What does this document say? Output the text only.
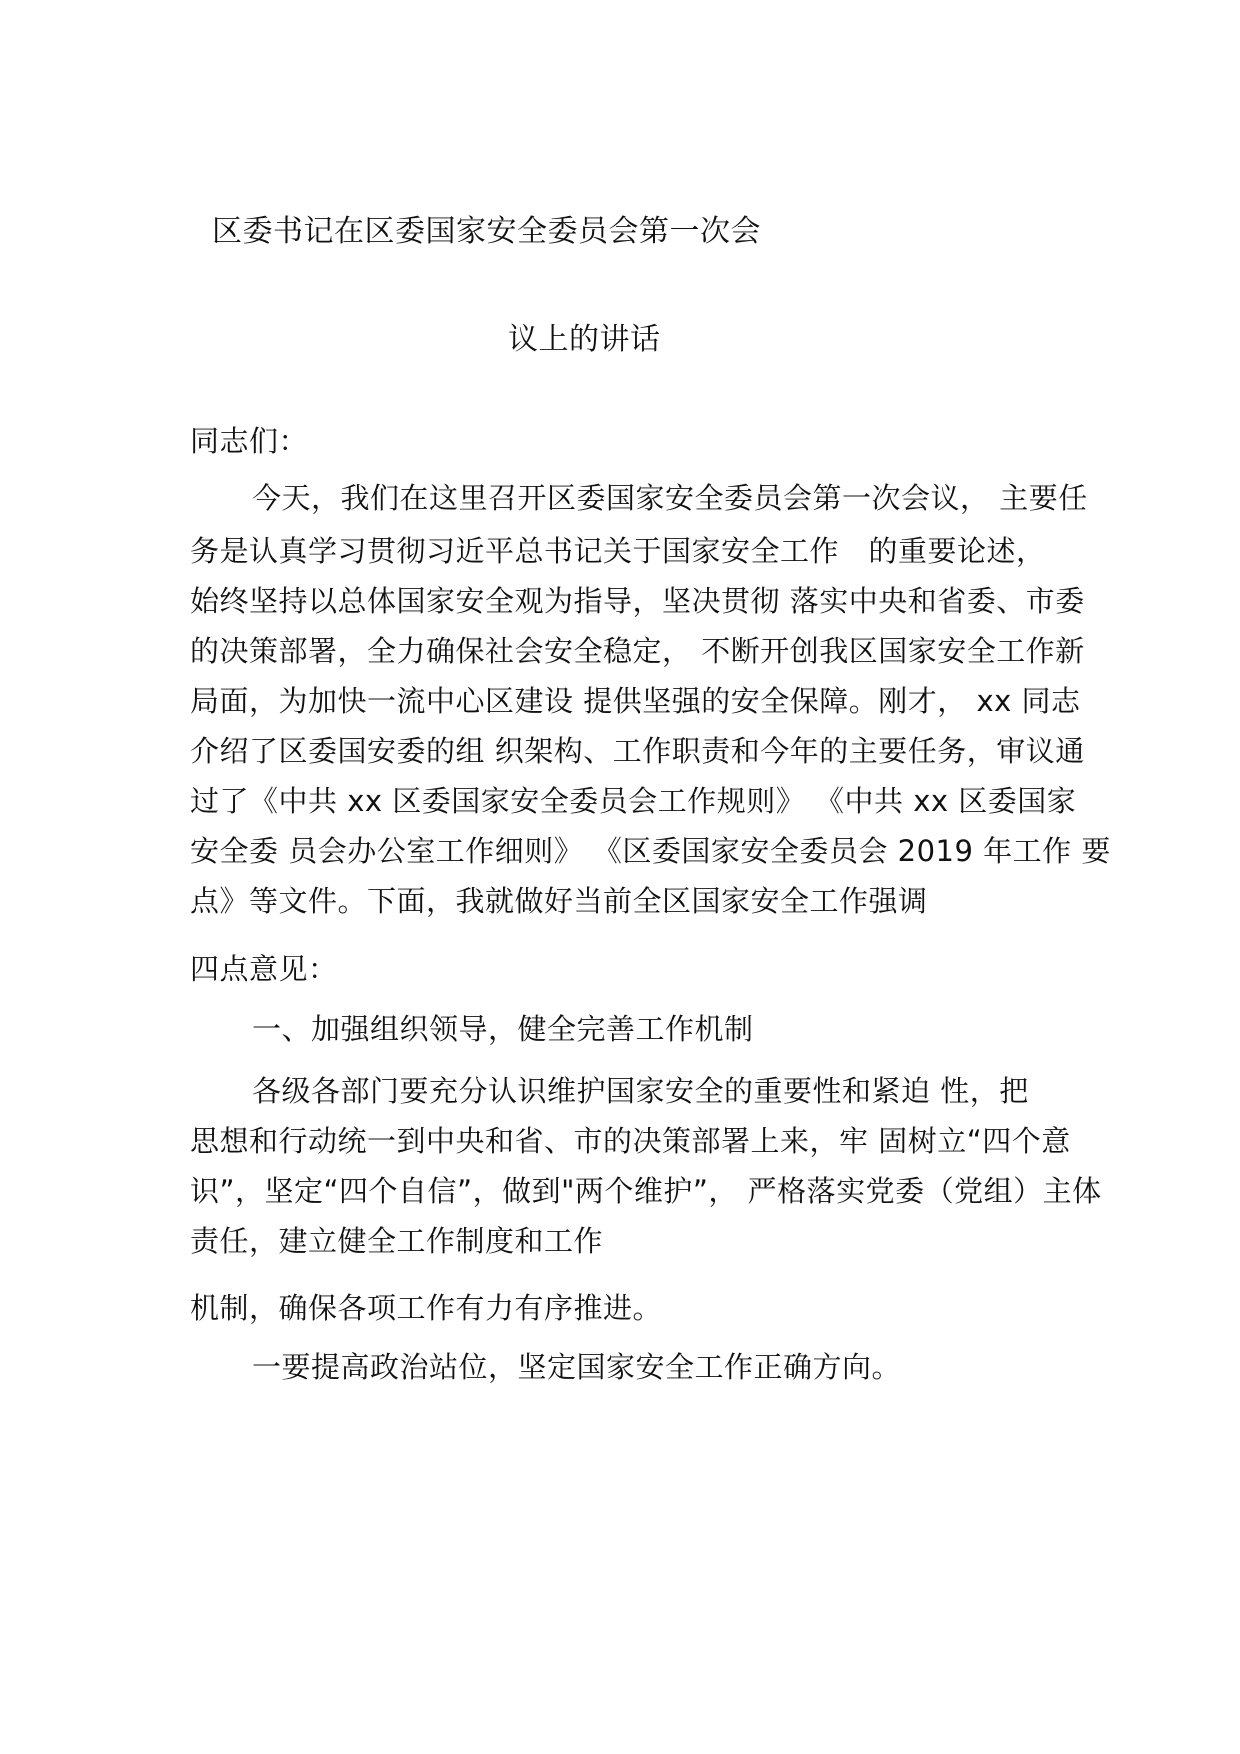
区委书记在区委国家安全委员会第一次会
议上的讲话
同志们：
今天，我们在这里召开区委国家安全委员会第一次会议， 主要任
务是认真学习贯彻习近平总书记关于国家安全工作　的重要论述，
始终坚持以总体国家安全观为指导，坚决贯彻 落实中央和省委、市委
的决策部署，全力确保社会安全稳定， 不断开创我区国家安全工作新
局面，为加快一流中心区建设 提供坚强的安全保障。刚才， xx 同志
介绍了区委国安委的组 织架构、工作职责和今年的主要任务，审议通
过了《中共 xx 区委国家安全委员会工作规则》 《中共 xx 区委国家
安全委 员会办公室工作细则》 《区委国家安全委员会 2019 年工作 要
点》等文件。下面，我就做好当前全区国家安全工作强调
四点意见：
一、加强组织领导，健全完善工作机制
各级各部门要充分认识维护国家安全的重要性和紧迫 性，把
思想和行动统一到中央和省、市的决策部署上来，牢 固树立“四个意
识”，坚定“四个自信”，做到"两个维护”， 严格落实党委（党组）主体
责任，建立健全工作制度和工作
机制，确保各项工作有力有序推进。
一要提高政治站位，坚定国家安全工作正确方向。
